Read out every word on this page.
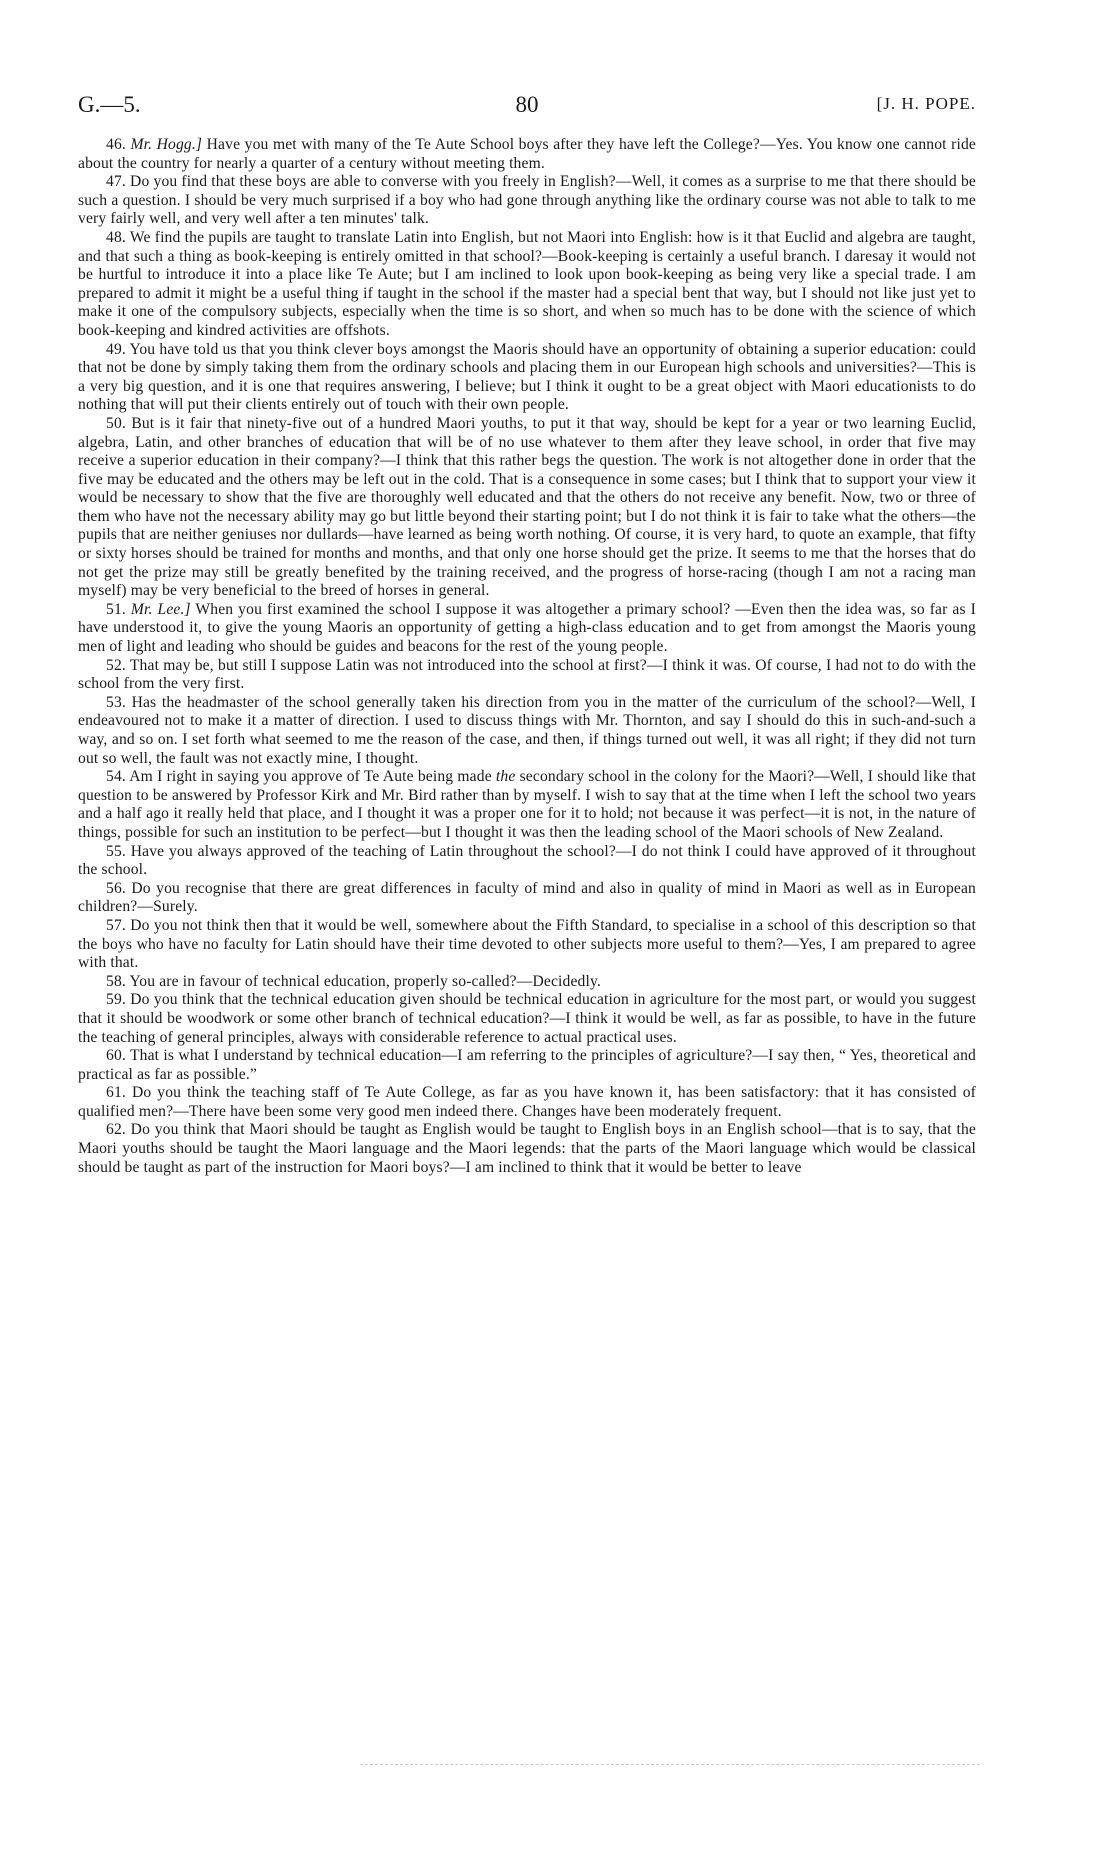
G.—5.	80	[J. H. POPE.

46. Mr. Hogg.] Have you met with many of the Te Aute School boys after they have left the College?—Yes. You know one cannot ride about the country for nearly a quarter of a century without meeting them.

47. Do you find that these boys are able to converse with you freely in English?—Well, it comes as a surprise to me that there should be such a question. I should be very much surprised if a boy who had gone through anything like the ordinary course was not able to talk to me very fairly well, and very well after a ten minutes' talk.

48. We find the pupils are taught to translate Latin into English, but not Maori into English: how is it that Euclid and algebra are taught, and that such a thing as book-keeping is entirely omitted in that school?—Book-keeping is certainly a useful branch. I daresay it would not be hurtful to introduce it into a place like Te Aute; but I am inclined to look upon book-keeping as being very like a special trade. I am prepared to admit it might be a useful thing if taught in the school if the master had a special bent that way, but I should not like just yet to make it one of the compulsory subjects, especially when the time is so short, and when so much has to be done with the science of which book-keeping and kindred activities are offshots.

49. You have told us that you think clever boys amongst the Maoris should have an opportunity of obtaining a superior education: could that not be done by simply taking them from the ordinary schools and placing them in our European high schools and universities?—This is a very big question, and it is one that requires answering, I believe; but I think it ought to be a great object with Maori educationists to do nothing that will put their clients entirely out of touch with their own people.

50. But is it fair that ninety-five out of a hundred Maori youths, to put it that way, should be kept for a year or two learning Euclid, algebra, Latin, and other branches of education that will be of no use whatever to them after they leave school, in order that five may receive a superior education in their company?—I think that this rather begs the question. The work is not altogether done in order that the five may be educated and the others may be left out in the cold. That is a consequence in some cases; but I think that to support your view it would be necessary to show that the five are thoroughly well educated and that the others do not receive any benefit. Now, two or three of them who have not the necessary ability may go but little beyond their starting point; but I do not think it is fair to take what the others—the pupils that are neither geniuses nor dullards—have learned as being worth nothing. Of course, it is very hard, to quote an example, that fifty or sixty horses should be trained for months and months, and that only one horse should get the prize. It seems to me that the horses that do not get the prize may still be greatly benefited by the training received, and the progress of horse-racing (though I am not a racing man myself) may be very beneficial to the breed of horses in general.

51. Mr. Lee.] When you first examined the school I suppose it was altogether a primary school? —Even then the idea was, so far as I have understood it, to give the young Maoris an opportunity of getting a high-class education and to get from amongst the Maoris young men of light and leading who should be guides and beacons for the rest of the young people.

52. That may be, but still I suppose Latin was not introduced into the school at first?—I think it was. Of course, I had not to do with the school from the very first.

53. Has the headmaster of the school generally taken his direction from you in the matter of the curriculum of the school?—Well, I endeavoured not to make it a matter of direction. I used to discuss things with Mr. Thornton, and say I should do this in such-and-such a way, and so on. I set forth what seemed to me the reason of the case, and then, if things turned out well, it was all right; if they did not turn out so well, the fault was not exactly mine, I thought.

54. Am I right in saying you approve of Te Aute being made the secondary school in the colony for the Maori?—Well, I should like that question to be answered by Professor Kirk and Mr. Bird rather than by myself. I wish to say that at the time when I left the school two years and a half ago it really held that place, and I thought it was a proper one for it to hold; not because it was perfect—it is not, in the nature of things, possible for such an institution to be perfect—but I thought it was then the leading school of the Maori schools of New Zealand.

55. Have you always approved of the teaching of Latin throughout the school?—I do not think I could have approved of it throughout the school.

56. Do you recognise that there are great differences in faculty of mind and also in quality of mind in Maori as well as in European children?—Surely.

57. Do you not think then that it would be well, somewhere about the Fifth Standard, to specialise in a school of this description so that the boys who have no faculty for Latin should have their time devoted to other subjects more useful to them?—Yes, I am prepared to agree with that.

58. You are in favour of technical education, properly so-called?—Decidedly.

59. Do you think that the technical education given should be technical education in agriculture for the most part, or would you suggest that it should be woodwork or some other branch of technical education?—I think it would be well, as far as possible, to have in the future the teaching of general principles, always with considerable reference to actual practical uses.

60. That is what I understand by technical education—I am referring to the principles of agriculture?—I say then, “ Yes, theoretical and practical as far as possible.”

61. Do you think the teaching staff of Te Aute College, as far as you have known it, has been satisfactory: that it has consisted of qualified men?—There have been some very good men indeed there. Changes have been moderately frequent.

62. Do you think that Maori should be taught as English would be taught to English boys in an English school—that is to say, that the Maori youths should be taught the Maori language and the Maori legends: that the parts of the Maori language which would be classical should be taught as part of the instruction for Maori boys?—I am inclined to think that it would be better to leave
